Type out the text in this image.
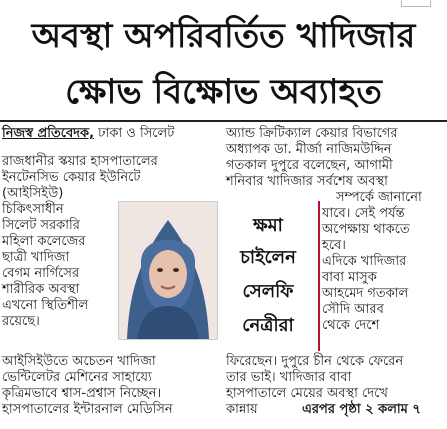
অবস্থা অপরিবর্তিত খাদিজার
ক্ষোভ বিক্ষোভ অব্যাহত
নিজস্ব প্রতিবেদক, ঢাকা ও সিলেট
রাজধানীর স্কয়ার হাসপাতালের
ইনটেনসিভ কেয়ার ইউনিটে
(আইসিইউ)
চিকিৎসাধীন
সিলেট সরকারি
মহিলা কলেজের
ছাত্রী খাদিজা
বেগম নার্গিসের
শারীরিক অবস্থা
এখনো স্থিতিশীল
রয়েছে।
আইসিইউতে অচেতন খাদিজা
ভেন্টিলেটর মেশিনের সাহায্যে
কৃত্রিমভাবে শ্বাস-প্রশ্বাস নিচ্ছেন।
হাসপাতালের ইন্টারনাল মেডিসিন
ক্ষমা
চাইলেন
সেলফি
নেত্রীরা
অ্যান্ড ক্রিটিক্যাল কেয়ার বিভাগের
অধ্যাপক ডা. মীর্জা নাজিমউদ্দিন
গতকাল দুপুরে বলেছেন, আগামী
শনিবার খাদিজার সর্বশেষ অবস্থা
সম্পর্কে জানানো
যাবে। সেই পর্যন্ত
অপেক্ষায় থাকতে
হবে।
এদিকে খাদিজার
বাবা মাসুক
আহমেদ গতকাল
সৌদি আরব
থেকে দেশে
ফিরেছেন। দুপুরে চীন থেকে ফেরেন
তার ভাই। খাদিজার বাবা
হাসপাতালে মেয়ের অবস্থা দেখে
কান্নায়	এরপর পৃষ্ঠা ২ কলাম ৭
